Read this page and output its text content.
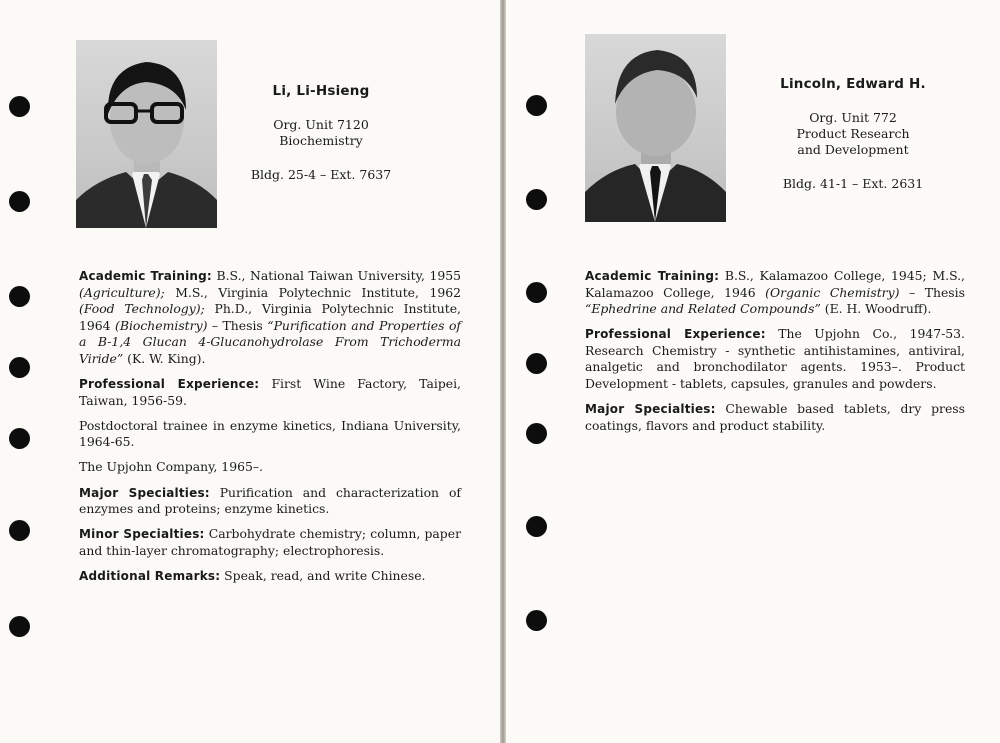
Li, Li-Hsieng
Org. Unit 7120
Biochemistry
Bldg. 25-4 – Ext. 7637

Academic Training: B.S., National Taiwan University, 1955 (Agriculture); M.S., Virginia Polytechnic Institute, 1962 (Food Technology); Ph.D., Virginia Polytechnic Institute, 1964 (Biochemistry) – Thesis “Purification and Properties of a B-1,4 Glucan 4-Glucanohydrolase From Trichoderma Viride” (K. W. King).

Professional Experience: First Wine Factory, Taipei, Taiwan, 1956-59.

Postdoctoral trainee in enzyme kinetics, Indiana University, 1964-65.

The Upjohn Company, 1965–.

Major Specialties: Purification and characterization of enzymes and proteins; enzyme kinetics.

Minor Specialties: Carbohydrate chemistry; column, paper and thin-layer chromatography; electrophoresis.

Additional Remarks: Speak, read, and write Chinese.

Lincoln, Edward H.
Org. Unit 772
Product Research
and Development
Bldg. 41-1 – Ext. 2631

Academic Training: B.S., Kalamazoo College, 1945; M.S., Kalamazoo College, 1946 (Organic Chemistry) – Thesis “Ephedrine and Related Compounds” (E. H. Woodruff).

Professional Experience: The Upjohn Co., 1947-53. Research Chemistry - synthetic antihistamines, antiviral, analgetic and bronchodilator agents. 1953–. Product Development - tablets, capsules, granules and powders.

Major Specialties: Chewable based tablets, dry press coatings, flavors and product stability.
